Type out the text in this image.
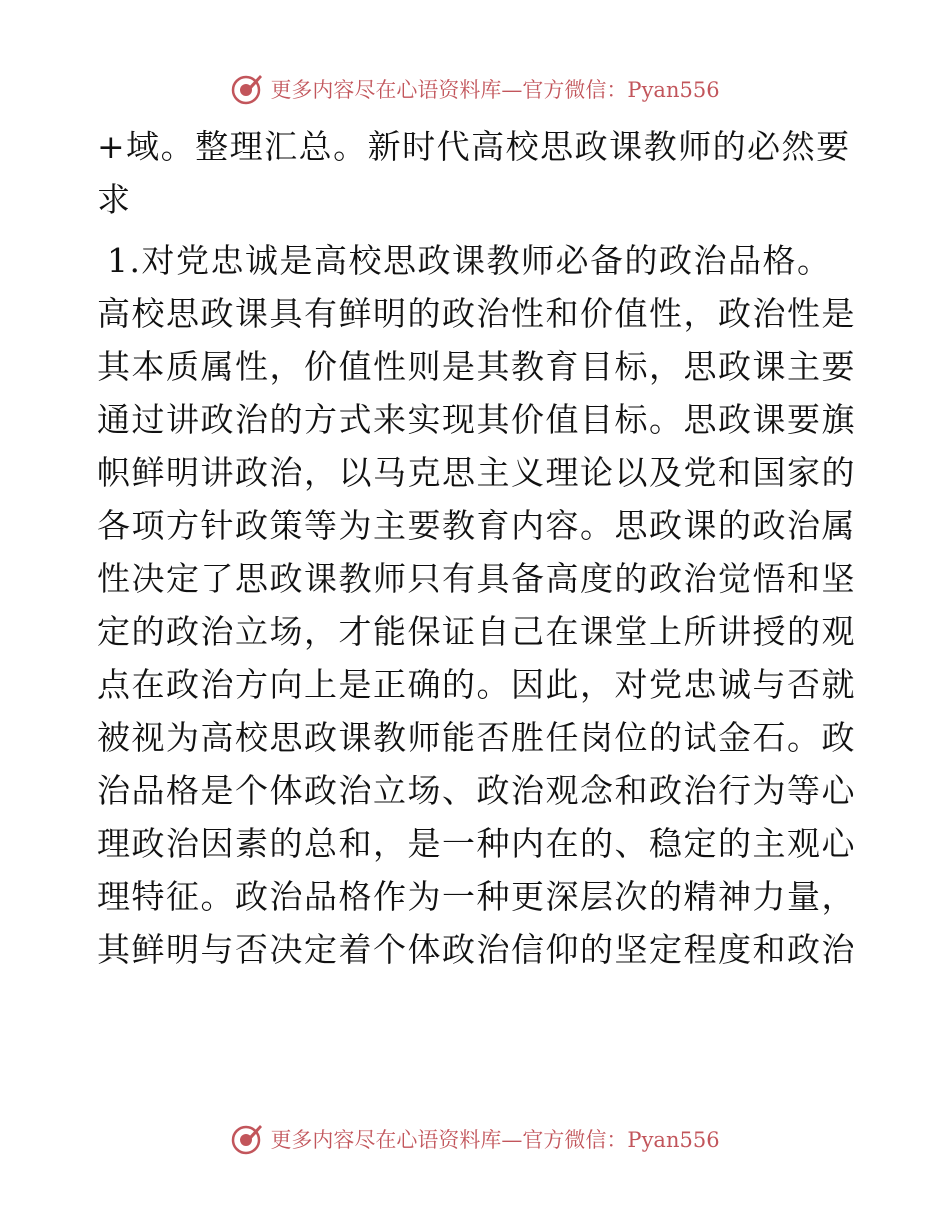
更多内容尽在心语资料库—官方微信：Pyan556

+域。整理汇总。新时代高校思政课教师的必然要求

1.对党忠诚是高校思政课教师必备的政治品格。

高校思政课具有鲜明的政治性和价值性，政治性是其本质属性，价值性则是其教育目标，思政课主要通过讲政治的方式来实现其价值目标。思政课要旗帜鲜明讲政治，以马克思主义理论以及党和国家的各项方针政策等为主要教育内容。思政课的政治属性决定了思政课教师只有具备高度的政治觉悟和坚定的政治立场，才能保证自己在课堂上所讲授的观点在政治方向上是正确的。因此，对党忠诚与否就被视为高校思政课教师能否胜任岗位的试金石。政治品格是个体政治立场、政治观念和政治行为等心理政治因素的总和，是一种内在的、稳定的主观心理特征。政治品格作为一种更深层次的精神力量，其鲜明与否决定着个体政治信仰的坚定程度和政治

更多内容尽在心语资料库—官方微信：Pyan556
